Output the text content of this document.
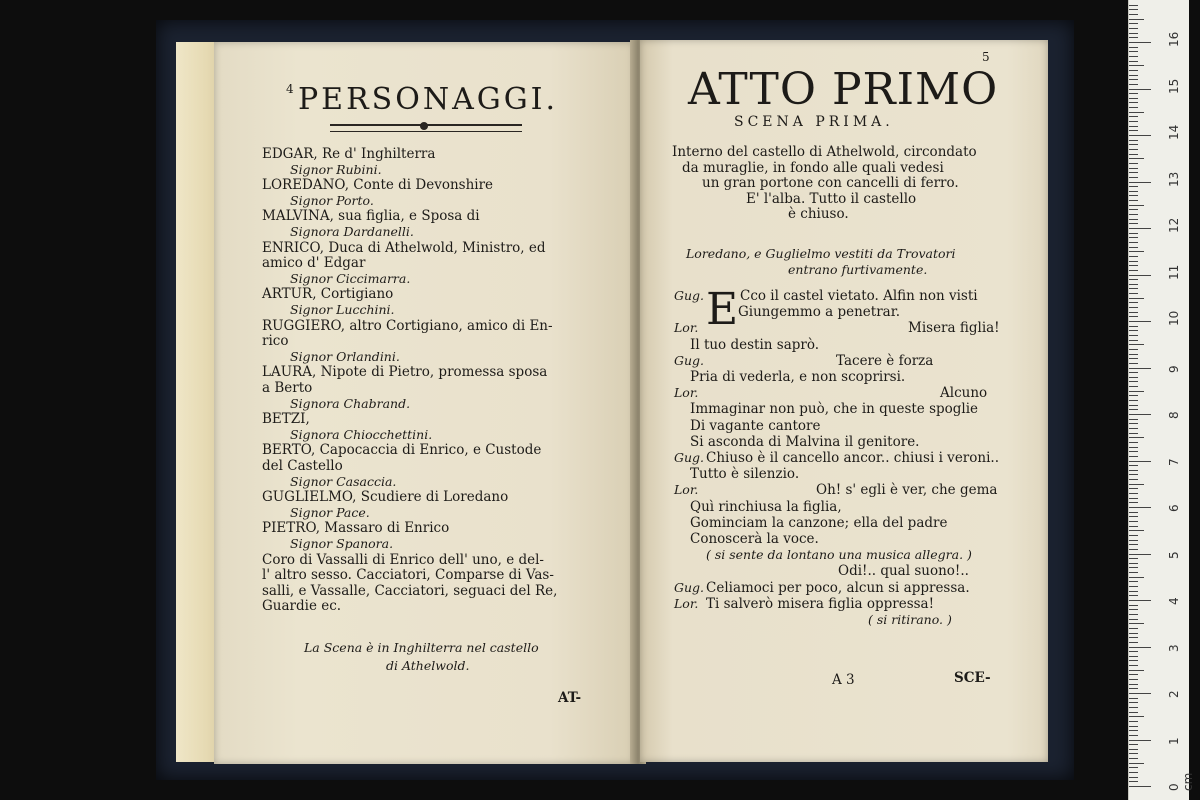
4 PERSONAGGI.
EDGAR, Re d' Inghilterra
Signor Rubini.
LOREDANO, Conte di Devonshire
Signor Porto.
MALVINA, sua figlia, e Sposa di
Signora Dardanelli.
ENRICO, Duca di Athelwold, Ministro, ed
amico d' Edgar
Signor Ciccimarra.
ARTUR, Cortigiano
Signor Lucchini.
RUGGIERO, altro Cortigiano, amico di En-
rico
Signor Orlandini.
LAURA, Nipote di Pietro, promessa sposa
a Berto
Signora Chabrand.
BETZI,
Signora Chiocchettini.
BERTO, Capocaccia di Enrico, e Custode
del Castello
Signor Casaccia.
GUGLIELMO, Scudiere di Loredano
Signor Pace.
PIETRO, Massaro di Enrico
Signor Spanora.
Coro di Vassalli di Enrico dell' uno, e del-
l' altro sesso. Cacciatori, Comparse di Vas-
salli, e Vassalle, Cacciatori, seguaci del Re,
Guardie ec.
La Scena è in Inghilterra nel castello
di Athelwold.
AT-
5
ATTO PRIMO
SCENA PRIMA.
Interno del castello di Athelwold, circondato
da muraglie, in fondo alle quali vedesi
un gran portone con cancelli di ferro.
E' l'alba. Tutto il castello
è chiuso.
Loredano, e Guglielmo vestiti da Trovatori
entrano furtivamente.
E
Gug.	Cco il castel vietato. Alfin non visti
Giungemmo a penetrar.
Lor.	Misera figlia!
Il tuo destin saprò.
Gug.	Tacere è forza
Pria di vederla, e non scoprirsi.
Lor.	Alcuno
Immaginar non può, che in queste spoglie
Di vagante cantore
Si asconda di Malvina il genitore.
Gug. Chiuso è il cancello ancor.. chiusi i veroni..
Tutto è silenzio.
Lor.	Oh! s' egli è ver, che gema
Quì rinchiusa la figlia,
Gominciam la canzone; ella del padre
Conoscerà la voce.
( si sente da lontano una musica allegra. )
Odi!.. qual suono!..
Gug. Celiamoci per poco, alcun si appressa.
Lor. Ti salverò misera figlia oppressa!
( si ritirano. )
A 3	SCE-
0 cm
1
2
3
4
5
6
7
8
9
10
11
12
13
14
15
16
